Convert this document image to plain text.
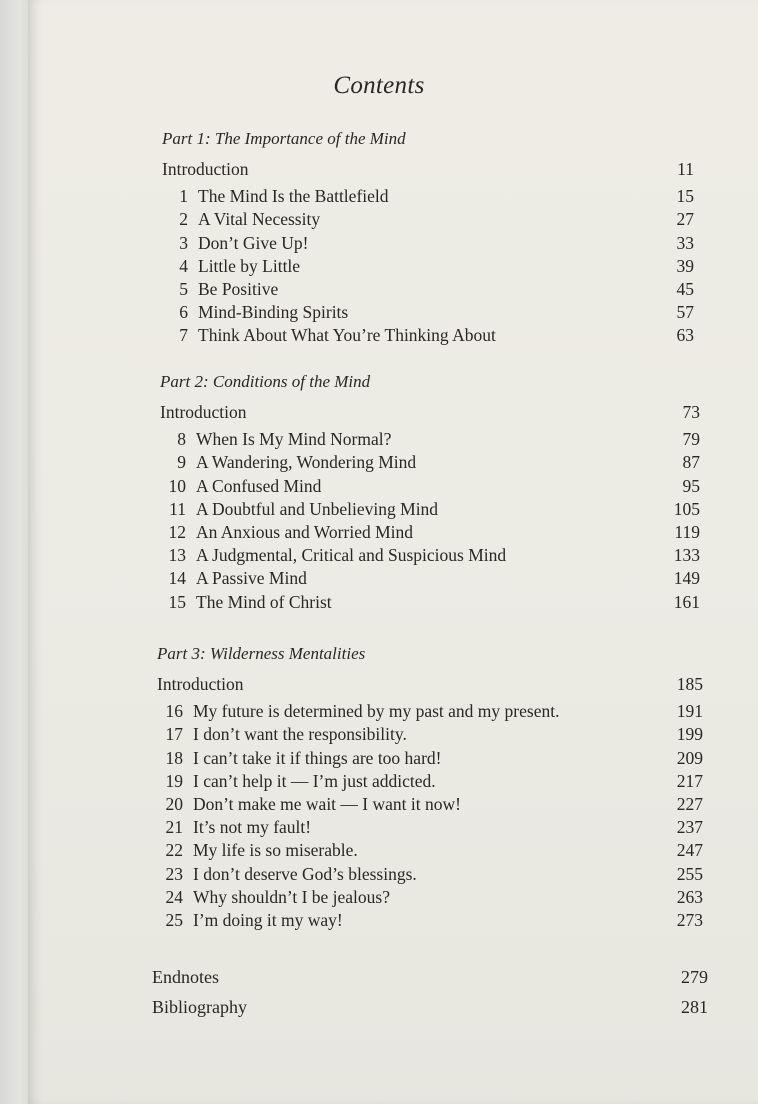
Contents
Part 1: The Importance of the Mind
Introduction	11
1 The Mind Is the Battlefield	15
2 A Vital Necessity	27
3 Don’t Give Up!	33
4 Little by Little	39
5 Be Positive	45
6 Mind-Binding Spirits	57
7 Think About What You’re Thinking About	63
Part 2: Conditions of the Mind
Introduction	73
8 When Is My Mind Normal?	79
9 A Wandering, Wondering Mind	87
10 A Confused Mind	95
11 A Doubtful and Unbelieving Mind	105
12 An Anxious and Worried Mind	119
13 A Judgmental, Critical and Suspicious Mind	133
14 A Passive Mind	149
15 The Mind of Christ	161
Part 3: Wilderness Mentalities
Introduction	185
16 My future is determined by my past and my present.	191
17 I don’t want the responsibility.	199
18 I can’t take it if things are too hard!	209
19 I can’t help it — I’m just addicted.	217
20 Don’t make me wait — I want it now!	227
21 It’s not my fault!	237
22 My life is so miserable.	247
23 I don’t deserve God’s blessings.	255
24 Why shouldn’t I be jealous?	263
25 I’m doing it my way!	273
Endnotes	279
Bibliography	281
